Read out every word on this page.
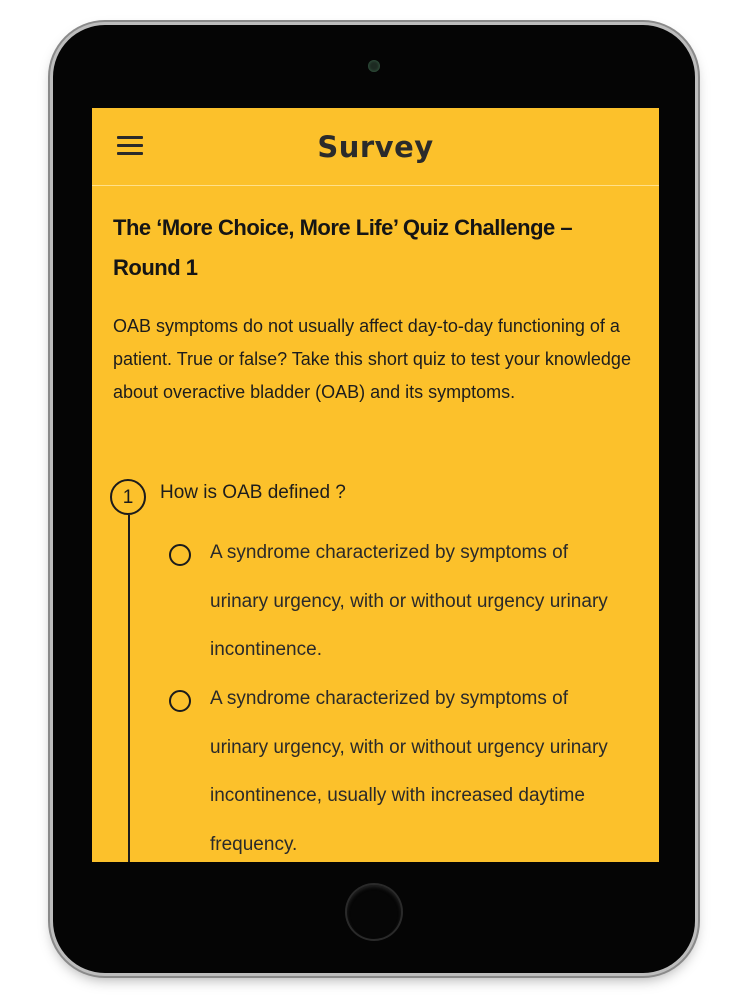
Survey
The ‘More Choice, More Life’ Quiz Challenge – Round 1

OAB symptoms do not usually affect day-to-day functioning of a patient. True or false? Take this short quiz to test your knowledge about overactive bladder (OAB) and its symptoms.

1	How is OAB defined ?
A syndrome characterized by symptoms of urinary urgency, with or without urgency urinary incontinence.
A syndrome characterized by symptoms of urinary urgency, with or without urgency urinary incontinence, usually with increased daytime frequency.
